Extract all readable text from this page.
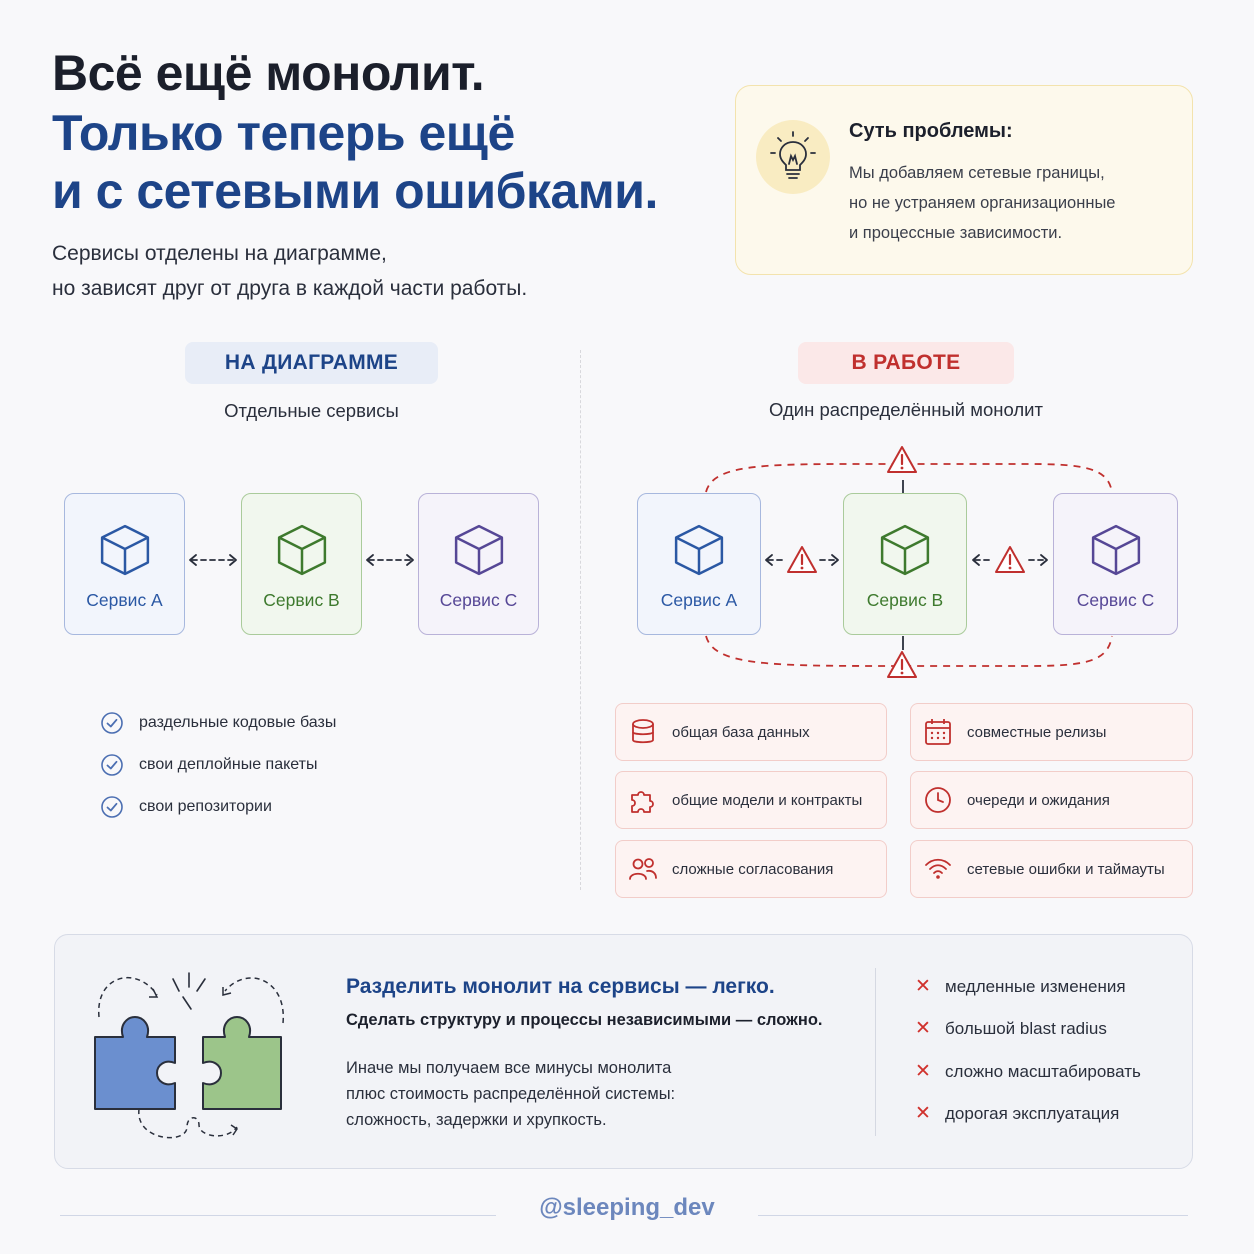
Всё ещё монолит.
Только теперь ещё
и с сетевыми ошибками.
Сервисы отделены на диаграмме,
но зависят друг от друга в каждой части работы.
Суть проблемы:
Мы добавляем сетевые границы,
но не устраняем организационные
и процессные зависимости.
НА ДИАГРАММЕ
Отдельные сервисы
Сервис A	Сервис B	Сервис C
раздельные кодовые базы
свои деплойные пакеты
свои репозитории
В РАБОТЕ
Один распределённый монолит
Сервис A	Сервис B	Сервис C
общая база данных	совместные релизы
общие модели и контракты	очереди и ожидания
сложные согласования	сетевые ошибки и таймауты
Разделить монолит на сервисы — легко.
Сделать структуру и процессы независимыми — сложно.
Иначе мы получаем все минусы монолита
плюс стоимость распределённой системы:
сложность, задержки и хрупкость.
✕ медленные изменения
✕ большой blast radius
✕ сложно масштабировать
✕ дорогая эксплуатация
@sleeping_dev
